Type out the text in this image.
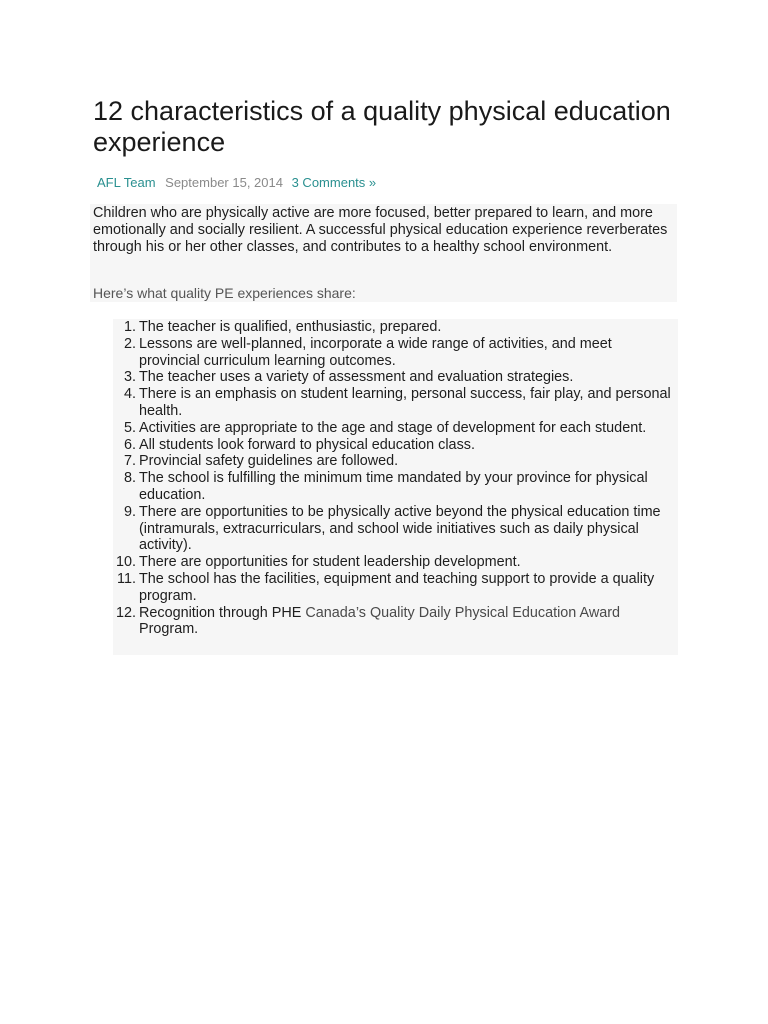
12 characteristics of a quality physical education experience
AFL Team September 15, 2014 3 Comments »

Children who are physically active are more focused, better prepared to learn, and more emotionally and socially resilient. A successful physical education experience reverberates through his or her other classes, and contributes to a healthy school environment.

Here’s what quality PE experiences share:

1 . The teacher is qualified, enthusiastic, prepared.
2 . Lessons are well-planned, incorporate a wide range of activities, and meet provincial curriculum learning outcomes.
3 . The teacher uses a variety of assessment and evaluation strategies.
4 . There is an emphasis on student learning, personal success, fair play, and personal health.
5 . Activities are appropriate to the age and stage of development for each student.
6 . All students look forward to physical education class.
7 . Provincial safety guidelines are followed.
8 . The school is fulfilling the minimum time mandated by your province for physical education.
9 . There are opportunities to be physically active beyond the physical education time (intramurals, extracurriculars, and school wide initiatives such as daily physical activity).
10 . There are opportunities for student leadership development.
11 . The school has the facilities, equipment and teaching support to provide a quality program.
12 . Recognition through PHE Canada’s Quality Daily Physical Education Award Program.
